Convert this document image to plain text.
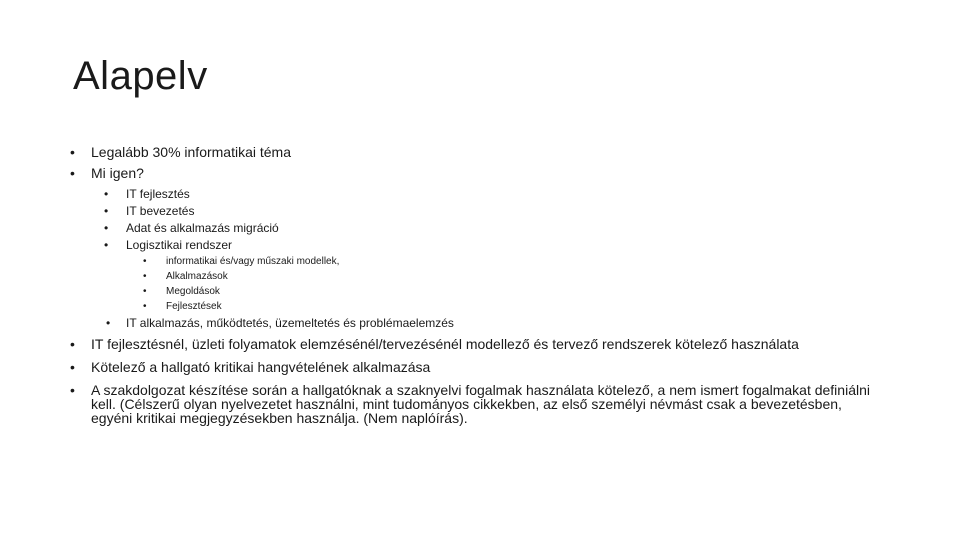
Alapelv
• Legalább 30% informatikai téma
• Mi igen?
• IT fejlesztés
• IT bevezetés
• Adat és alkalmazás migráció
• Logisztikai rendszer
• informatikai és/vagy műszaki modellek,
• Alkalmazások
• Megoldások
• Fejlesztések
• IT alkalmazás, működtetés, üzemeltetés és problémaelemzés
• IT fejlesztésnél, üzleti folyamatok elemzésénél/tervezésénél modellező és tervező rendszerek kötelező használata
• Kötelező a hallgató kritikai hangvételének alkalmazása
• A szakdolgozat készítése során a hallgatóknak a szaknyelvi fogalmak használata kötelező, a nem ismert fogalmakat definiálni kell. (Célszerű olyan nyelvezetet használni, mint tudományos cikkekben, az első személyi névmást csak a bevezetésben, egyéni kritikai megjegyzésekben használja. (Nem naplóírás).
